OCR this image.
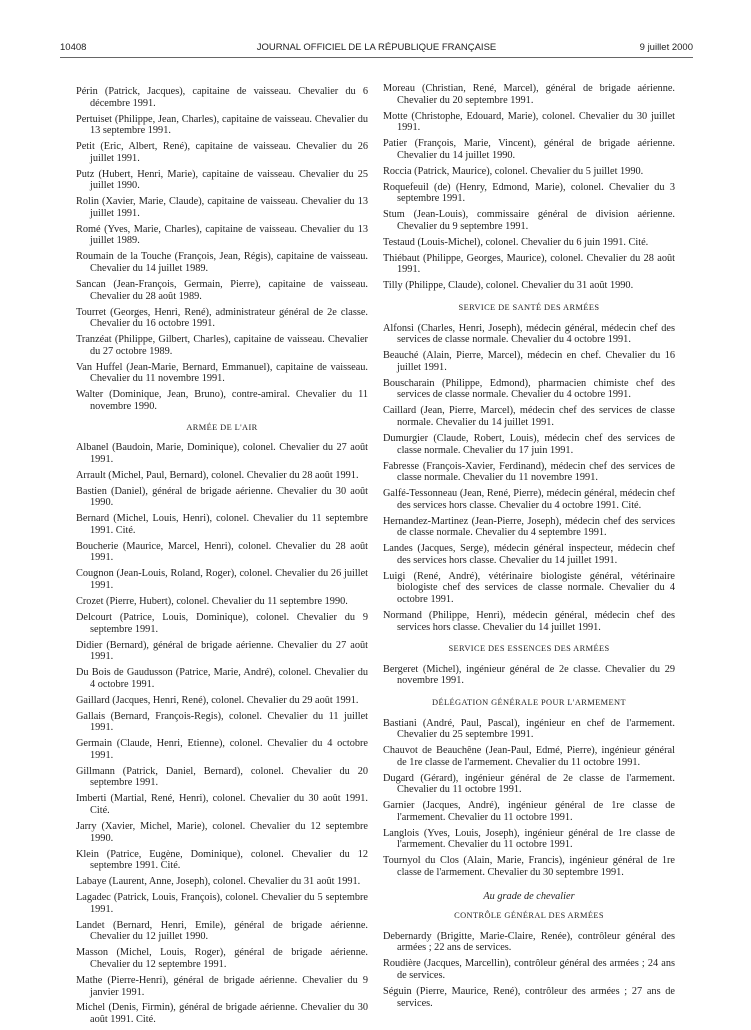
10408	JOURNAL OFFICIEL DE LA RÉPUBLIQUE FRANÇAISE	9 juillet 2000

Périn (Patrick, Jacques), capitaine de vaisseau. Chevalier du 6 décembre 1991.

Pertuiset (Philippe, Jean, Charles), capitaine de vaisseau. Chevalier du 13 septembre 1991.

Petit (Eric, Albert, René), capitaine de vaisseau. Chevalier du 26 juillet 1991.

Putz (Hubert, Henri, Marie), capitaine de vaisseau. Chevalier du 25 juillet 1990.

Rolin (Xavier, Marie, Claude), capitaine de vaisseau. Chevalier du 13 juillet 1991.

Romé (Yves, Marie, Charles), capitaine de vaisseau. Chevalier du 13 juillet 1989.

Roumain de la Touche (François, Jean, Régis), capitaine de vaisseau. Chevalier du 14 juillet 1989.

Sancan (Jean-François, Germain, Pierre), capitaine de vaisseau. Chevalier du 28 août 1989.

Tourret (Georges, Henri, René), administrateur général de 2e classe. Chevalier du 16 octobre 1991.

Tranzéat (Philippe, Gilbert, Charles), capitaine de vaisseau. Chevalier du 27 octobre 1989.

Van Huffel (Jean-Marie, Bernard, Emmanuel), capitaine de vaisseau. Chevalier du 11 novembre 1991.

Walter (Dominique, Jean, Bruno), contre-amiral. Chevalier du 11 novembre 1990.

ARMÉE DE L'AIR

Albanel (Baudoin, Marie, Dominique), colonel. Chevalier du 27 août 1991.

Arrault (Michel, Paul, Bernard), colonel. Chevalier du 28 août 1991.

Bastien (Daniel), général de brigade aérienne. Chevalier du 30 août 1990.

Bernard (Michel, Louis, Henri), colonel. Chevalier du 11 septembre 1991. Cité.

Boucherie (Maurice, Marcel, Henri), colonel. Chevalier du 28 août 1991.

Cougnon (Jean-Louis, Roland, Roger), colonel. Chevalier du 26 juillet 1991.

Crozet (Pierre, Hubert), colonel. Chevalier du 11 septembre 1990.

Delcourt (Patrice, Louis, Dominique), colonel. Chevalier du 9 septembre 1991.

Didier (Bernard), général de brigade aérienne. Chevalier du 27 août 1991.

Du Bois de Gaudusson (Patrice, Marie, André), colonel. Chevalier du 4 octobre 1991.

Gaillard (Jacques, Henri, René), colonel. Chevalier du 29 août 1991.

Gallais (Bernard, François-Regis), colonel. Chevalier du 11 juillet 1991.

Germain (Claude, Henri, Etienne), colonel. Chevalier du 4 octobre 1991.

Gillmann (Patrick, Daniel, Bernard), colonel. Chevalier du 20 septembre 1991.

Imberti (Martial, René, Henri), colonel. Chevalier du 30 août 1991. Cité.

Jarry (Xavier, Michel, Marie), colonel. Chevalier du 12 septembre 1990.

Klein (Patrice, Eugène, Dominique), colonel. Chevalier du 12 septembre 1991. Cité.

Labaye (Laurent, Anne, Joseph), colonel. Chevalier du 31 août 1991.

Lagadec (Patrick, Louis, François), colonel. Chevalier du 5 septembre 1991.

Landet (Bernard, Henri, Emile), général de brigade aérienne. Chevalier du 12 juillet 1990.

Masson (Michel, Louis, Roger), général de brigade aérienne. Chevalier du 12 septembre 1991.

Mathe (Pierre-Henri), général de brigade aérienne. Chevalier du 9 janvier 1991.

Michel (Denis, Firmin), général de brigade aérienne. Chevalier du 30 août 1991. Cité.

Moreau (Christian, René, Marcel), général de brigade aérienne. Chevalier du 20 septembre 1991.

Motte (Christophe, Edouard, Marie), colonel. Chevalier du 30 juillet 1991.

Patier (François, Marie, Vincent), général de brigade aérienne. Chevalier du 14 juillet 1990.

Roccia (Patrick, Maurice), colonel. Chevalier du 5 juillet 1990.

Roquefeuil (de) (Henry, Edmond, Marie), colonel. Chevalier du 3 septembre 1991.

Stum (Jean-Louis), commissaire général de division aérienne. Chevalier du 9 septembre 1991.

Testaud (Louis-Michel), colonel. Chevalier du 6 juin 1991. Cité.

Thiébaut (Philippe, Georges, Maurice), colonel. Chevalier du 28 août 1991.

Tilly (Philippe, Claude), colonel. Chevalier du 31 août 1990.

SERVICE DE SANTÉ DES ARMÉES

Alfonsi (Charles, Henri, Joseph), médecin général, médecin chef des services de classe normale. Chevalier du 4 octobre 1991.

Beauché (Alain, Pierre, Marcel), médecin en chef. Chevalier du 16 juillet 1991.

Bouscharain (Philippe, Edmond), pharmacien chimiste chef des services de classe normale. Chevalier du 4 octobre 1991.

Caillard (Jean, Pierre, Marcel), médecin chef des services de classe normale. Chevalier du 14 juillet 1991.

Dumurgier (Claude, Robert, Louis), médecin chef des services de classe normale. Chevalier du 17 juin 1991.

Fabresse (François-Xavier, Ferdinand), médecin chef des services de classe normale. Chevalier du 11 novembre 1991.

Galfé-Tessonneau (Jean, René, Pierre), médecin général, médecin chef des services hors classe. Chevalier du 4 octobre 1991. Cité.

Hernandez-Martinez (Jean-Pierre, Joseph), médecin chef des services de classe normale. Chevalier du 4 septembre 1991.

Landes (Jacques, Serge), médecin général inspecteur, médecin chef des services hors classe. Chevalier du 14 juillet 1991.

Luigi (René, André), vétérinaire biologiste général, vétérinaire biologiste chef des services de classe normale. Chevalier du 4 octobre 1991.

Normand (Philippe, Henri), médecin général, médecin chef des services hors classe. Chevalier du 14 juillet 1991.

SERVICE DES ESSENCES DES ARMÉES

Bergeret (Michel), ingénieur général de 2e classe. Chevalier du 29 novembre 1991.

DÉLÉGATION GÉNÉRALE POUR L'ARMEMENT

Bastiani (André, Paul, Pascal), ingénieur en chef de l'armement. Chevalier du 25 septembre 1991.

Chauvot de Beauchêne (Jean-Paul, Edmé, Pierre), ingénieur général de 1re classe de l'armement. Chevalier du 11 octobre 1991.

Dugard (Gérard), ingénieur général de 2e classe de l'armement. Chevalier du 11 octobre 1991.

Garnier (Jacques, André), ingénieur général de 1re classe de l'armement. Chevalier du 11 octobre 1991.

Langlois (Yves, Louis, Joseph), ingénieur général de 1re classe de l'armement. Chevalier du 11 octobre 1991.

Tournyol du Clos (Alain, Marie, Francis), ingénieur général de 1re classe de l'armement. Chevalier du 30 septembre 1991.

Au grade de chevalier
CONTRÔLE GÉNÉRAL DES ARMÉES

Debernardy (Brigitte, Marie-Claire, Renée), contrôleur général des armées ; 22 ans de services.

Roudière (Jacques, Marcellin), contrôleur général des armées ; 24 ans de services.

Séguin (Pierre, Maurice, René), contrôleur des armées ; 27 ans de services.
